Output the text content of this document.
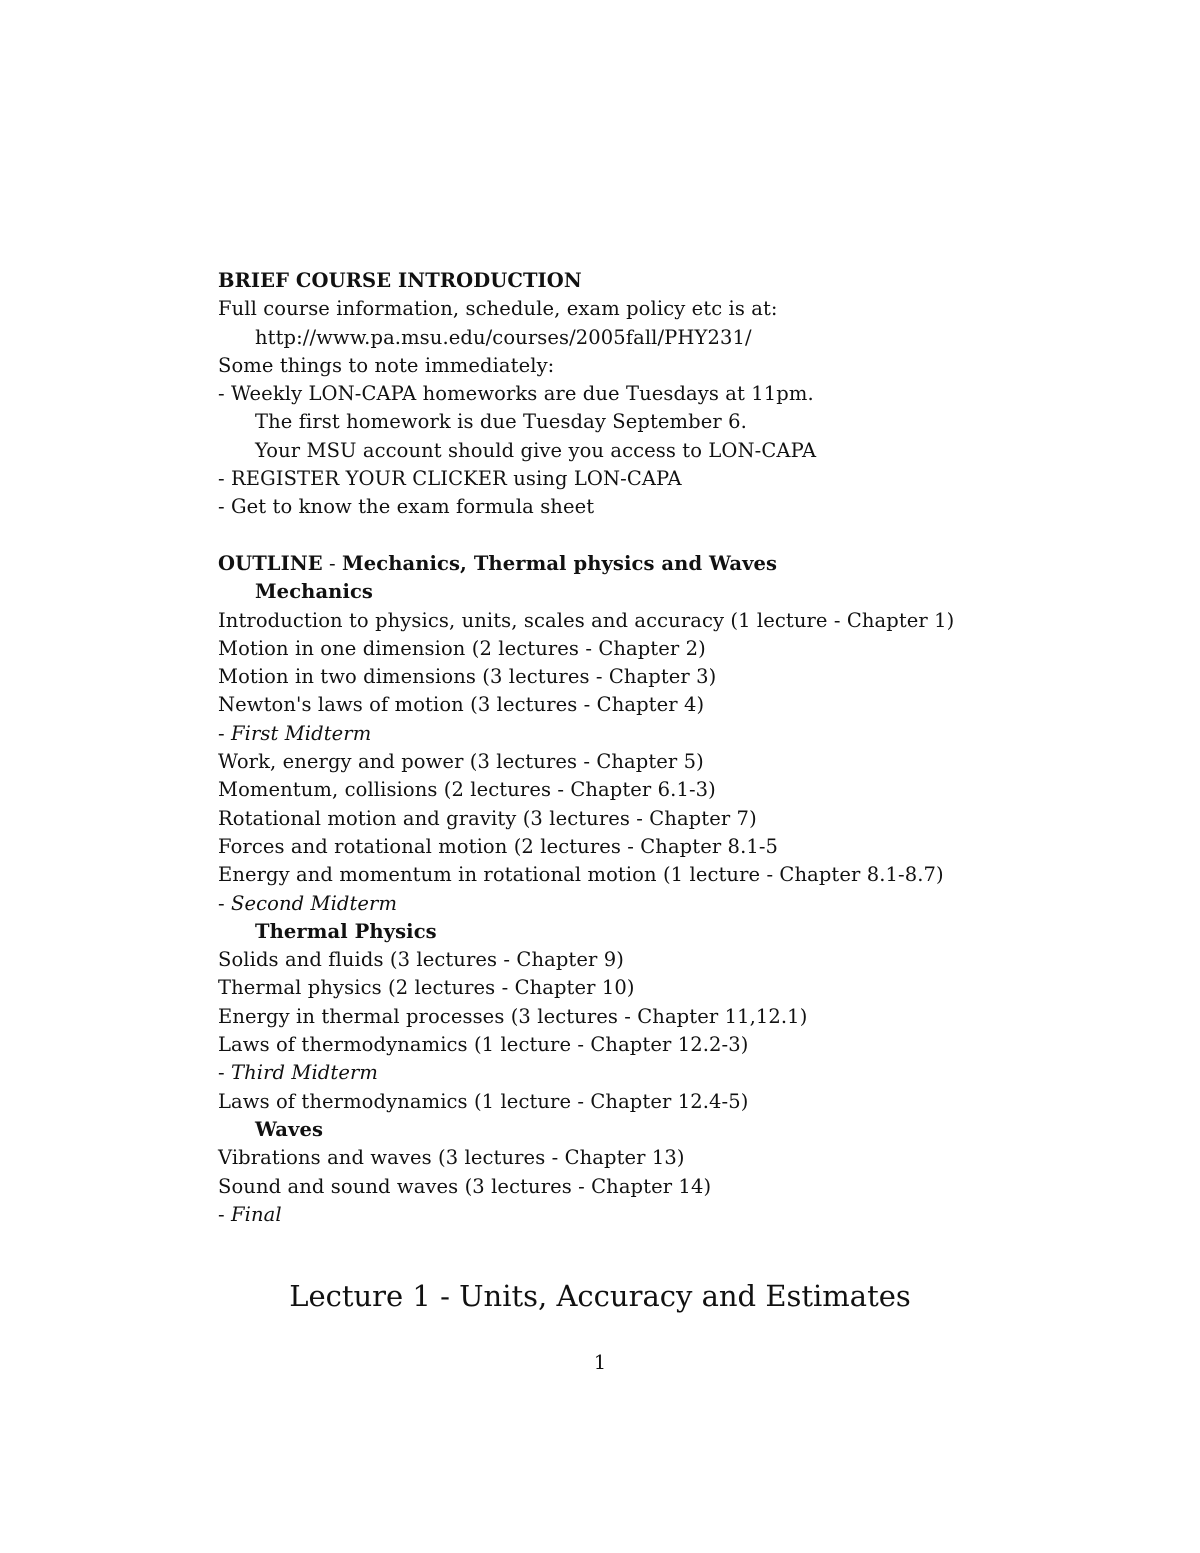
BRIEF COURSE INTRODUCTION
Full course information, schedule, exam policy etc is at:
http://www.pa.msu.edu/courses/2005fall/PHY231/
Some things to note immediately:
- Weekly LON-CAPA homeworks are due Tuesdays at 11pm.
The first homework is due Tuesday September 6.
Your MSU account should give you access to LON-CAPA
- REGISTER YOUR CLICKER using LON-CAPA
- Get to know the exam formula sheet
OUTLINE - Mechanics, Thermal physics and Waves
Mechanics
Introduction to physics, units, scales and accuracy (1 lecture - Chapter 1)
Motion in one dimension (2 lectures - Chapter 2)
Motion in two dimensions (3 lectures - Chapter 3)
Newton's laws of motion (3 lectures - Chapter 4)
- First Midterm
Work, energy and power (3 lectures - Chapter 5)
Momentum, collisions (2 lectures - Chapter 6.1-3)
Rotational motion and gravity (3 lectures - Chapter 7)
Forces and rotational motion (2 lectures - Chapter 8.1-5
Energy and momentum in rotational motion (1 lecture - Chapter 8.1-8.7)
- Second Midterm
Thermal Physics
Solids and fluids (3 lectures - Chapter 9)
Thermal physics (2 lectures - Chapter 10)
Energy in thermal processes (3 lectures - Chapter 11,12.1)
Laws of thermodynamics (1 lecture - Chapter 12.2-3)
- Third Midterm
Laws of thermodynamics (1 lecture - Chapter 12.4-5)
Waves
Vibrations and waves (3 lectures - Chapter 13)
Sound and sound waves (3 lectures - Chapter 14)
- Final
Lecture 1 - Units, Accuracy and Estimates
1
